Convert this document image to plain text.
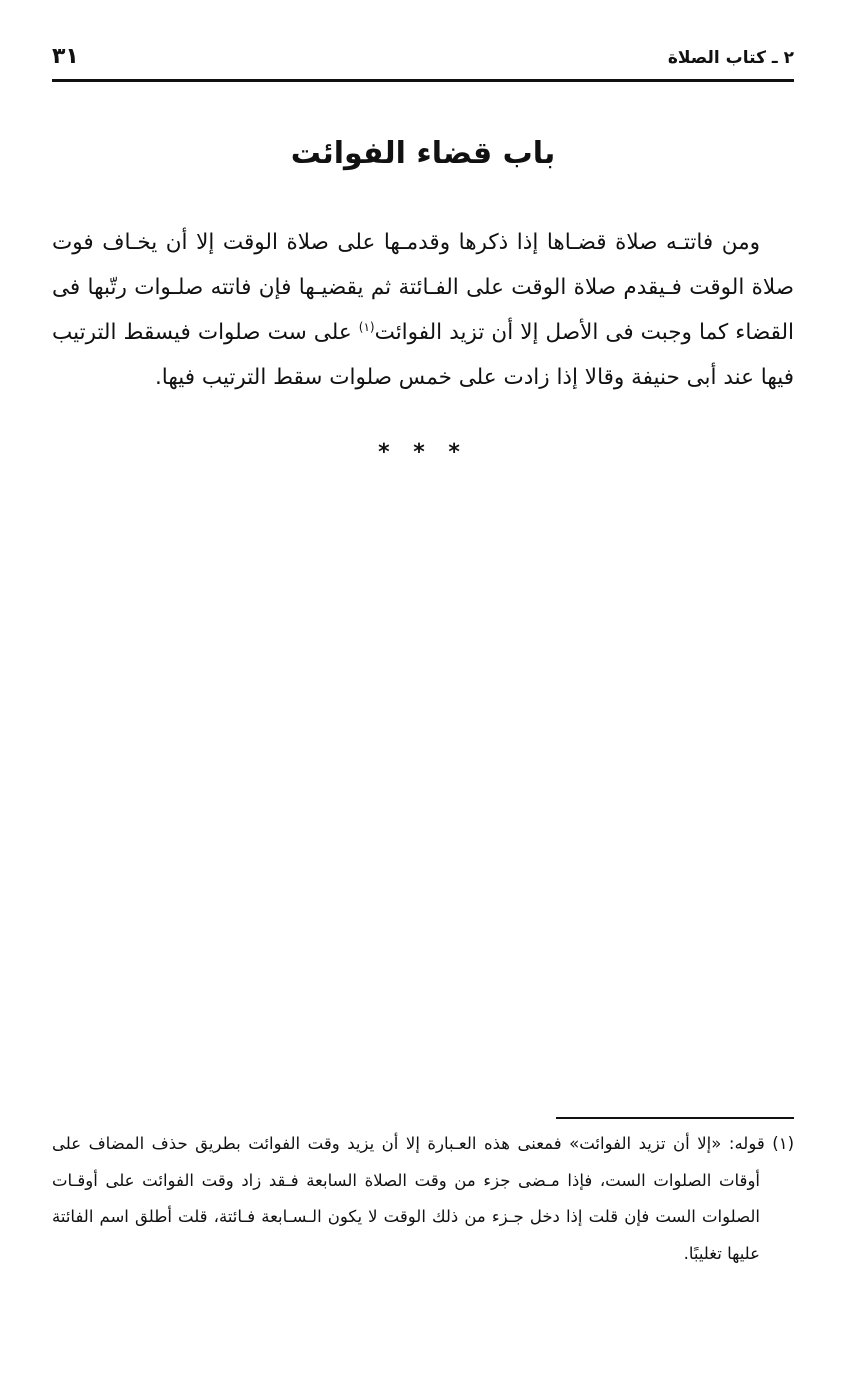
٢ ـ كتاب الصلاة
٣١
باب قضاء الفوائت

ومن فاتتـه صلاة قضـاها إذا ذكرها وقدمـها على صلاة الوقت إلا أن يخـاف فوت صلاة الوقت فـيقدم صلاة الوقت على الفـائتة ثم يقضيـها فإن فاتته صلـوات رتّبها فى القضاء كما وجبت فى الأصل إلا أن تزيد الفوائت$^{(١)}$ على ست صلوات فيسقط الترتيب فيها عند أبى حنيفة وقالا إذا زادت على خمس صلوات سقط الترتيب فيها.

* * *

(١) قوله: «إلا أن تزيد الفوائت» فمعنى هذه العـبارة إلا أن يزيد وقت الفوائت بطريق حذف المضاف على أوقات الصلوات الست، فإذا مـضى جزء من وقت الصلاة السابعة فـقد زاد وقت الفوائت على أوقـات الصلوات الست فإن قلت إذا دخل جـزء من ذلك الوقت لا يكون الـسـابعة فـائتة، قلت أطلق اسم الفائتة عليها تغليبًا.
